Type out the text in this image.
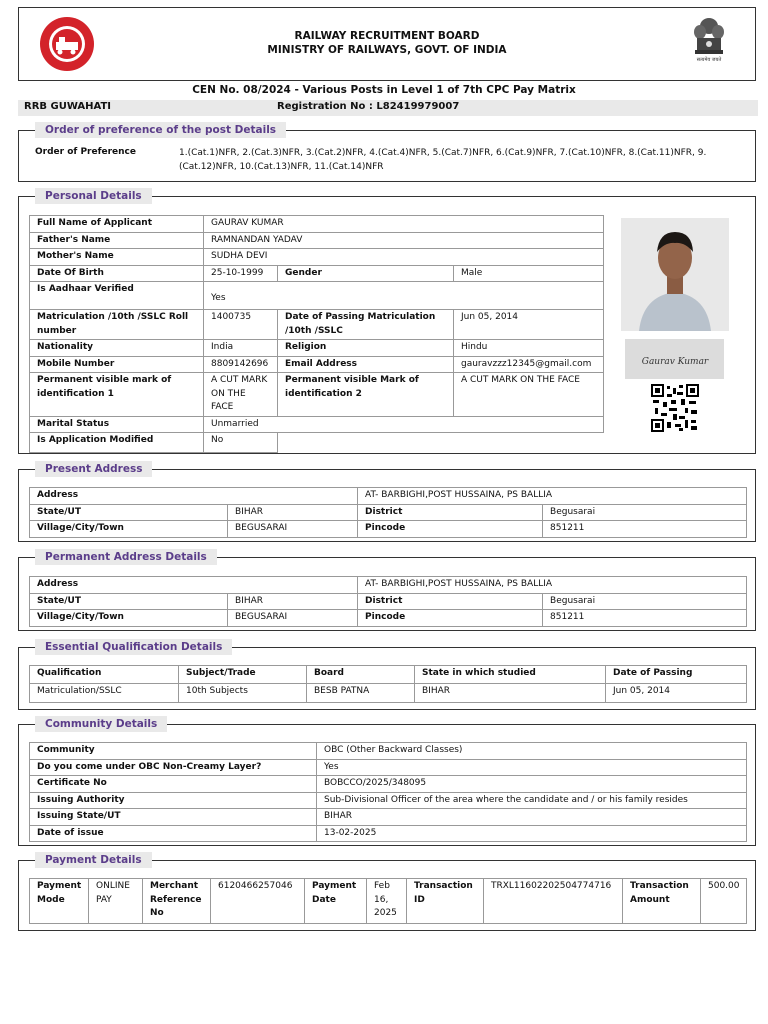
RAILWAY RECRUITMENT BOARD
MINISTRY OF RAILWAYS, GOVT. OF INDIA
सत्यमेव जयते
CEN No. 08/2024 - Various Posts in Level 1 of 7th CPC Pay Matrix
RRB GUWAHATI	Registration No : L82419979007
Order of preference of the post Details
Order of Preference	1.(Cat.1)NFR, 2.(Cat.3)NFR, 3.(Cat.2)NFR, 4.(Cat.4)NFR, 5.(Cat.7)NFR, 6.(Cat.9)NFR, 7.(Cat.10)NFR, 8.(Cat.11)NFR, 9.(Cat.12)NFR, 10.(Cat.13)NFR, 11.(Cat.14)NFR
Personal Details
Full Name of Applicant	GAURAV KUMAR		
Father's Name	RAMNANDAN YADAV		
Mother's Name	SUDHA DEVI		
Date Of Birth	25-10-1999	Gender	Male
Is Aadhaar Verified	Yes		
Matriculation /10th /SSLC Roll number	1400735	Date of Passing Matriculation /10th /SSLC	Jun 05, 2014
Nationality	India	Religion	Hindu
Mobile Number	8809142696	Email Address	gauravzzz12345@gmail.com
Permanent visible mark of identification 1	A CUT MARK ON THE FACE	Permanent visible Mark of identification 2	A CUT MARK ON THE FACE
Marital Status	Unmarried		
Is Application Modified	No		
Gaurav Kumar
Present Address
Address		AT- BARBIGHI,POST HUSSAINA, PS BALLIA	
State/UT	BIHAR	District	Begusarai
Village/City/Town	BEGUSARAI	Pincode	851211
Permanent Address Details
Address		AT- BARBIGHI,POST HUSSAINA, PS BALLIA	
State/UT	BIHAR	District	Begusarai
Village/City/Town	BEGUSARAI	Pincode	851211
Essential Qualification Details
Qualification	Subject/Trade	Board	State in which studied	Date of Passing
Matriculation/SSLC	10th Subjects	BESB PATNA	BIHAR	Jun 05, 2014
Community Details
Community	OBC (Other Backward Classes)
Do you come under OBC Non-Creamy Layer?	Yes
Certificate No	BOBCCO/2025/348095
Issuing Authority	Sub-Divisional Officer of the area where the candidate and / or his family resides
Issuing State/UT	BIHAR
Date of issue	13-02-2025
Payment Details
Payment Mode	ONLINE PAY	Merchant Reference No	6120466257046	Payment Date	Feb 16, 2025	Transaction ID	TRXL11602202504774716	Transaction Amount	500.00
